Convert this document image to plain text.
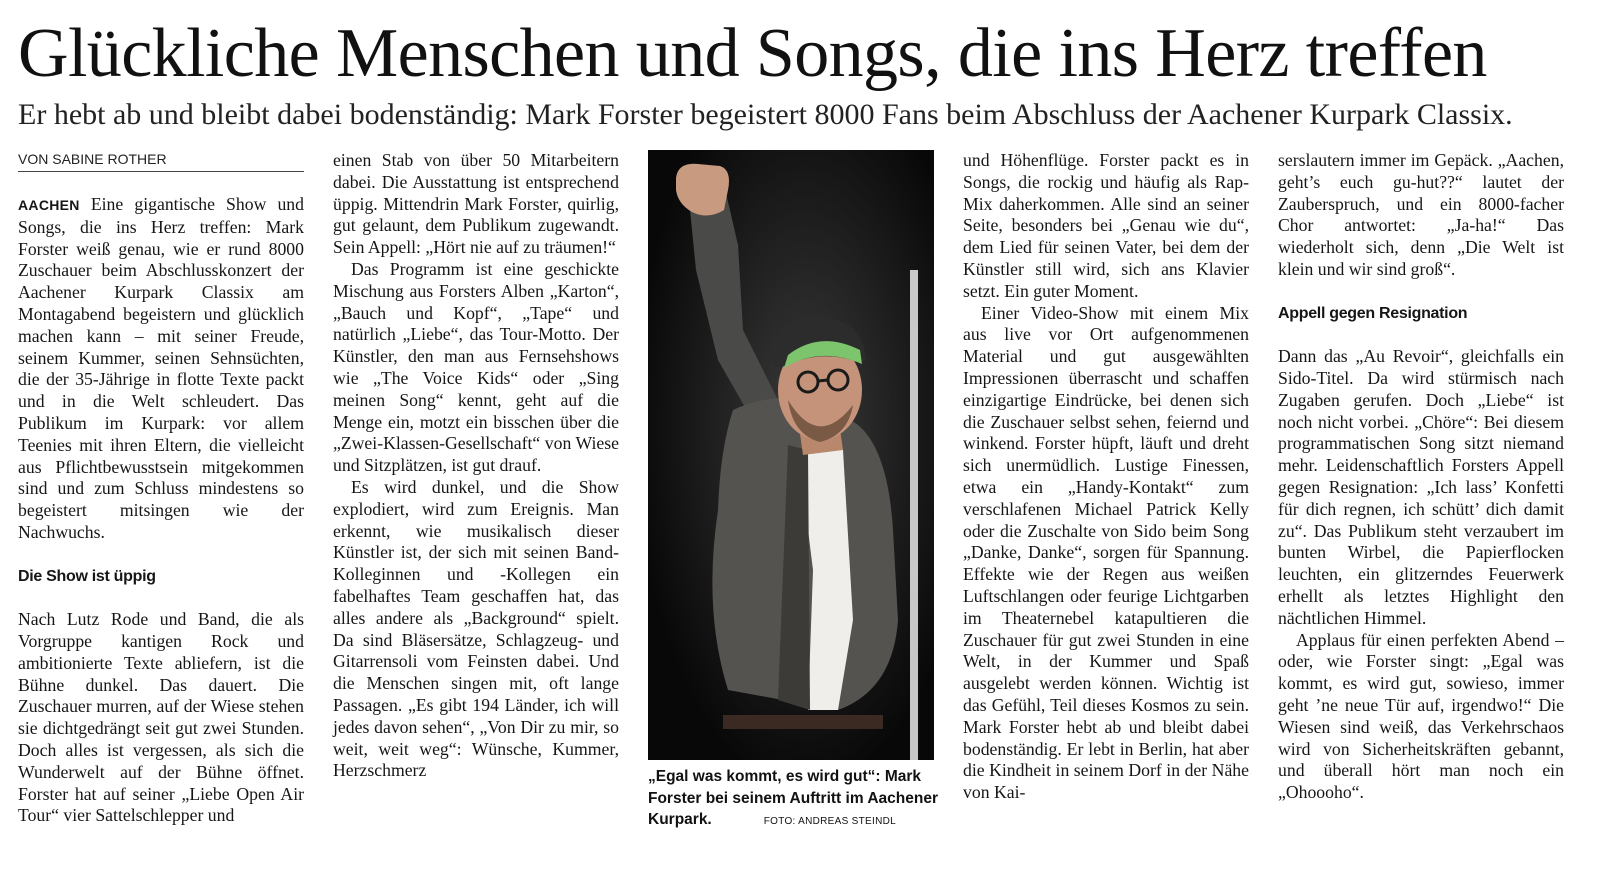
Glückliche Menschen und Songs, die ins Herz treffen
Er hebt ab und bleibt dabei bodenständig: Mark Forster begeistert 8000 Fans beim Abschluss der Aachener Kurpark Classix.
VON SABINE ROTHER

AACHEN Eine gigantische Show und Songs, die ins Herz treffen: Mark Forster weiß genau, wie er rund 8000 Zuschauer beim Abschlusskonzert der Aachener Kurpark Classix am Montagabend begeistern und glücklich machen kann – mit seiner Freude, seinem Kummer, seinen Sehnsüchten, die der 35-Jährige in flotte Texte packt und in die Welt schleudert. Das Publikum im Kurpark: vor allem Teenies mit ihren Eltern, die vielleicht aus Pflichtbewusstsein mitgekommen sind und zum Schluss mindestens so begeistert mitsingen wie der Nachwuchs.

Die Show ist üppig

Nach Lutz Rode und Band, die als Vorgruppe kantigen Rock und ambitionierte Texte abliefern, ist die Bühne dunkel. Das dauert. Die Zuschauer murren, auf der Wiese stehen sie dichtgedrängt seit gut zwei Stunden. Doch alles ist vergessen, als sich die Wunderwelt auf der Bühne öffnet. Forster hat auf seiner „Liebe Open Air Tour“ vier Sattelschlepper und

einen Stab von über 50 Mitarbeitern dabei. Die Ausstattung ist entsprechend üppig. Mittendrin Mark Forster, quirlig, gut gelaunt, dem Publikum zugewandt. Sein Appell: „Hört nie auf zu träumen!“

Das Programm ist eine geschickte Mischung aus Forsters Alben „Karton“, „Bauch und Kopf“, „Tape“ und natürlich „Liebe“, das Tour-Motto. Der Künstler, den man aus Fernsehshows wie „The Voice Kids“ oder „Sing meinen Song“ kennt, geht auf die Menge ein, motzt ein bisschen über die „Zwei-Klassen-Gesellschaft“ von Wiese und Sitzplätzen, ist gut drauf.

Es wird dunkel, und die Show explodiert, wird zum Ereignis. Man erkennt, wie musikalisch dieser Künstler ist, der sich mit seinen Band-Kolleginnen und -Kollegen ein fabelhaftes Team geschaffen hat, das alles andere als „Background“ spielt. Da sind Bläsersätze, Schlagzeug- und Gitarrensoli vom Feinsten dabei. Und die Menschen singen mit, oft lange Passagen. „Es gibt 194 Länder, ich will jedes davon sehen“, „Von Dir zu mir, so weit, weit weg“: Wünsche, Kummer, Herzschmerz	„Egal was kommt, es wird gut“: Mark Forster bei seinem Auftritt im Aachener Kurpark.	FOTO: ANDREAS STEINDL

und Höhenflüge. Forster packt es in Songs, die rockig und häufig als Rap-Mix daherkommen. Alle sind an seiner Seite, besonders bei „Genau wie du“, dem Lied für seinen Vater, bei dem der Künstler still wird, sich ans Klavier setzt. Ein guter Moment.

Einer Video-Show mit einem Mix aus live vor Ort aufgenommenen Material und gut ausgewählten Impressionen überrascht und schaffen einzigartige Eindrücke, bei denen sich die Zuschauer selbst sehen, feiernd und winkend. Forster hüpft, läuft und dreht sich unermüdlich. Lustige Finessen, etwa ein „Handy-Kontakt“ zum verschlafenen Michael Patrick Kelly oder die Zuschalte von Sido beim Song „Danke, Danke“, sorgen für Spannung. Effekte wie der Regen aus weißen Luftschlangen oder feurige Lichtgarben im Theaternebel katapultieren die Zuschauer für gut zwei Stunden in eine Welt, in der Kummer und Spaß ausgelebt werden können. Wichtig ist das Gefühl, Teil dieses Kosmos zu sein. Mark Forster hebt ab und bleibt dabei bodenständig. Er lebt in Berlin, hat aber die Kindheit in seinem Dorf in der Nähe von Kai-

serslautern immer im Gepäck. „Aachen, geht’s euch gu-hut??“ lautet der Zauberspruch, und ein 8000-facher Chor antwortet: „Ja-ha!“ Das wiederholt sich, denn „Die Welt ist klein und wir sind groß“.

Appell gegen Resignation

Dann das „Au Revoir“, gleichfalls ein Sido-Titel. Da wird stürmisch nach Zugaben gerufen. Doch „Liebe“ ist noch nicht vorbei. „Chöre“: Bei diesem programmatischen Song sitzt niemand mehr. Leidenschaftlich Forsters Appell gegen Resignation: „Ich lass’ Konfetti für dich regnen, ich schütt’ dich damit zu“. Das Publikum steht verzaubert im bunten Wirbel, die Papierflocken leuchten, ein glitzerndes Feuerwerk erhellt als letztes Highlight den nächtlichen Himmel.

Applaus für einen perfekten Abend – oder, wie Forster singt: „Egal was kommt, es wird gut, sowieso, immer geht ’ne neue Tür auf, irgendwo!“ Die Wiesen sind weiß, das Verkehrschaos wird von Sicherheitskräften gebannt, und überall hört man noch ein „Ohoooho“.
